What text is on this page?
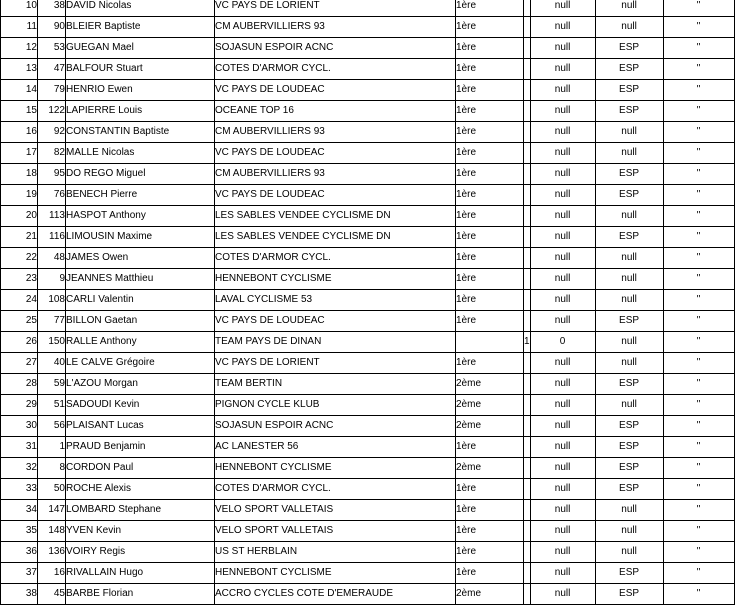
10	38	DAVID Nicolas	VC PAYS DE LORIENT	1ère		null	null	"
11	90	BLEIER Baptiste	CM AUBERVILLIERS 93	1ère		null	null	"
12	53	GUEGAN Mael	SOJASUN ESPOIR ACNC	1ère		null	ESP	"
13	47	BALFOUR Stuart	COTES D'ARMOR CYCL.	1ère		null	ESP	"
14	79	HENRIO Ewen	VC PAYS DE LOUDEAC	1ère		null	ESP	"
15	122	LAPIERRE Louis	OCEANE TOP 16	1ère		null	ESP	"
16	92	CONSTANTIN Baptiste	CM AUBERVILLIERS 93	1ère		null	null	"
17	82	MALLE Nicolas	VC PAYS DE LOUDEAC	1ère		null	null	"
18	95	DO REGO Miguel	CM AUBERVILLIERS 93	1ère		null	ESP	"
19	76	BENECH Pierre	VC PAYS DE LOUDEAC	1ère		null	ESP	"
20	113	HASPOT Anthony	LES SABLES VENDEE CYCLISME DN	1ère		null	null	"
21	116	LIMOUSIN Maxime	LES SABLES VENDEE CYCLISME DN	1ère		null	ESP	"
22	48	JAMES Owen	COTES D'ARMOR CYCL.	1ère		null	null	"
23	9	JEANNES Matthieu	HENNEBONT CYCLISME	1ère		null	null	"
24	108	CARLI Valentin	LAVAL CYCLISME 53	1ère		null	null	"
25	77	BILLON Gaetan	VC PAYS DE LOUDEAC	1ère		null	ESP	"
26	150	RALLE Anthony	TEAM PAYS DE DINAN		1	0	null	"
27	40	LE CALVE Grégoire	VC PAYS DE LORIENT	1ère		null	null	"
28	59	L'AZOU Morgan	TEAM BERTIN	2ème		null	ESP	"
29	51	SADOUDI Kevin	PIGNON CYCLE KLUB	2ème		null	null	"
30	56	PLAISANT Lucas	SOJASUN ESPOIR ACNC	2ème		null	ESP	"
31	1	PRAUD Benjamin	AC LANESTER 56	1ère		null	ESP	"
32	8	CORDON Paul	HENNEBONT CYCLISME	2ème		null	ESP	"
33	50	ROCHE Alexis	COTES D'ARMOR CYCL.	1ère		null	ESP	"
34	147	LOMBARD Stephane	VELO SPORT VALLETAIS	1ère		null	null	"
35	148	YVEN Kevin	VELO SPORT VALLETAIS	1ère		null	null	"
36	136	VOIRY Regis	US ST HERBLAIN	1ère		null	null	"
37	16	RIVALLAIN Hugo	HENNEBONT CYCLISME	1ère		null	ESP	"
38	45	BARBE Florian	ACCRO CYCLES COTE D'EMERAUDE	2ème		null	ESP	"
